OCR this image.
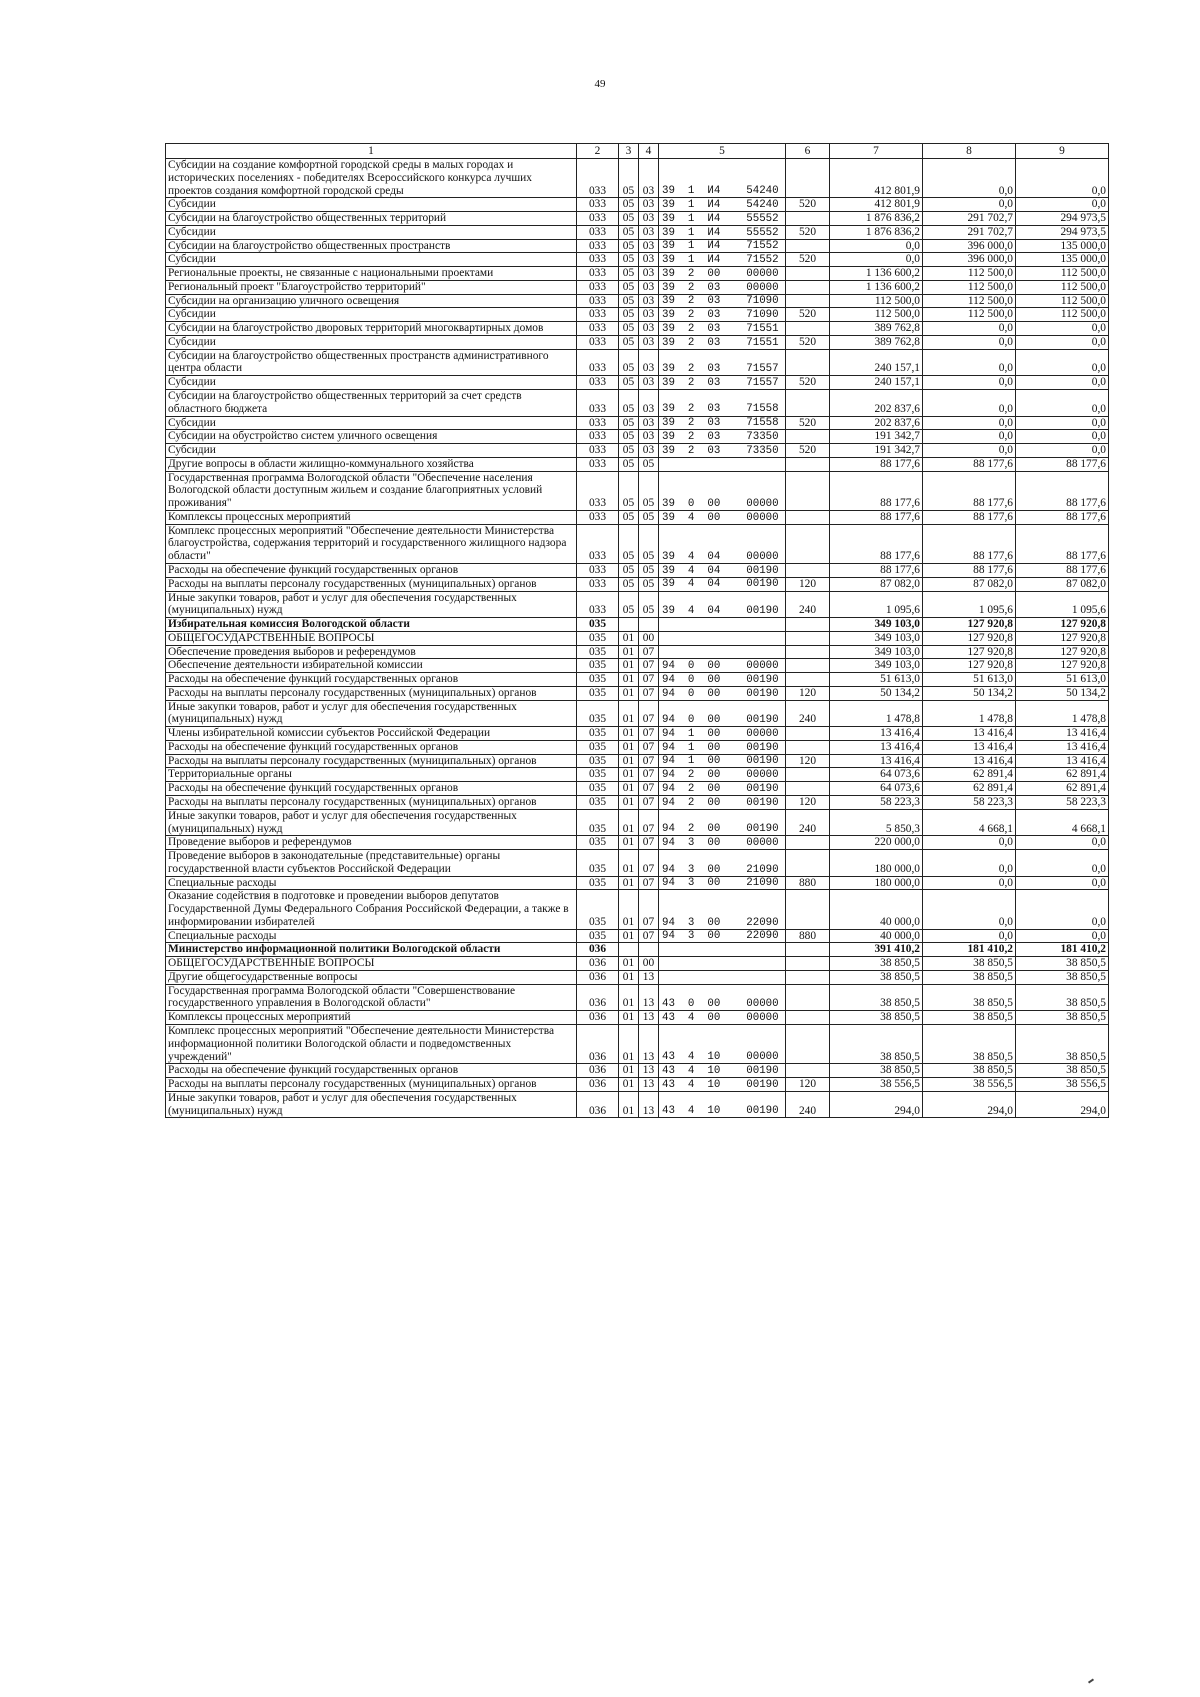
49
1	2	3	4	5	6	7	8	9
Субсидии на создание комфортной городской среды в малых городах и исторических поселениях - победителях Всероссийского конкурса лучших проектов создания комфортной городской среды	033	05	03	39  1  И4    54240		412 801,9	0,0	0,0
Субсидии	033	05	03	39  1  И4    54240	520	412 801,9	0,0	0,0
Субсидии на благоустройство общественных территорий	033	05	03	39  1  И4    55552		1 876 836,2	291 702,7	294 973,5
Субсидии	033	05	03	39  1  И4    55552	520	1 876 836,2	291 702,7	294 973,5
Субсидии на благоустройство общественных пространств	033	05	03	39  1  И4    71552		0,0	396 000,0	135 000,0
Субсидии	033	05	03	39  1  И4    71552	520	0,0	396 000,0	135 000,0
Региональные проекты, не связанные с национальными проектами	033	05	03	39  2  00    00000		1 136 600,2	112 500,0	112 500,0
Региональный проект "Благоустройство территорий"	033	05	03	39  2  03    00000		1 136 600,2	112 500,0	112 500,0
Субсидии на организацию уличного освещения	033	05	03	39  2  03    71090		112 500,0	112 500,0	112 500,0
Субсидии	033	05	03	39  2  03    71090	520	112 500,0	112 500,0	112 500,0
Субсидии на благоустройство дворовых территорий многоквартирных домов	033	05	03	39  2  03    71551		389 762,8	0,0	0,0
Субсидии	033	05	03	39  2  03    71551	520	389 762,8	0,0	0,0
Субсидии на благоустройство общественных пространств административного центра области	033	05	03	39  2  03    71557		240 157,1	0,0	0,0
Субсидии	033	05	03	39  2  03    71557	520	240 157,1	0,0	0,0
Субсидии на благоустройство общественных территорий за счет средств областного бюджета	033	05	03	39  2  03    71558		202 837,6	0,0	0,0
Субсидии	033	05	03	39  2  03    71558	520	202 837,6	0,0	0,0
Субсидии на обустройство систем уличного освещения	033	05	03	39  2  03    73350		191 342,7	0,0	0,0
Субсидии	033	05	03	39  2  03    73350	520	191 342,7	0,0	0,0
Другие вопросы в области жилищно-коммунального хозяйства	033	05	05			88 177,6	88 177,6	88 177,6
Государственная программа Вологодской области "Обеспечение населения Вологодской области доступным жильем и создание благоприятных условий проживания"	033	05	05	39  0  00    00000		88 177,6	88 177,6	88 177,6
Комплексы процессных мероприятий	033	05	05	39  4  00    00000		88 177,6	88 177,6	88 177,6
Комплекс процессных мероприятий "Обеспечение деятельности Министерства благоустройства, содержания территорий и государственного жилищного надзора области"	033	05	05	39  4  04    00000		88 177,6	88 177,6	88 177,6
Расходы на обеспечение функций государственных органов	033	05	05	39  4  04    00190		88 177,6	88 177,6	88 177,6
Расходы на выплаты персоналу государственных (муниципальных) органов	033	05	05	39  4  04    00190	120	87 082,0	87 082,0	87 082,0
Иные закупки товаров, работ и услуг для обеспечения государственных (муниципальных) нужд	033	05	05	39  4  04    00190	240	1 095,6	1 095,6	1 095,6
Избирательная комиссия Вологодской области	035					349 103,0	127 920,8	127 920,8
ОБЩЕГОСУДАРСТВЕННЫЕ ВОПРОСЫ	035	01	00			349 103,0	127 920,8	127 920,8
Обеспечение проведения выборов и референдумов	035	01	07			349 103,0	127 920,8	127 920,8
Обеспечение деятельности избирательной комиссии	035	01	07	94  0  00    00000		349 103,0	127 920,8	127 920,8
Расходы на обеспечение функций государственных органов	035	01	07	94  0  00    00190		51 613,0	51 613,0	51 613,0
Расходы на выплаты персоналу государственных (муниципальных) органов	035	01	07	94  0  00    00190	120	50 134,2	50 134,2	50 134,2
Иные закупки товаров, работ и услуг для обеспечения государственных (муниципальных) нужд	035	01	07	94  0  00    00190	240	1 478,8	1 478,8	1 478,8
Члены избирательной комиссии субъектов Российской Федерации	035	01	07	94  1  00    00000		13 416,4	13 416,4	13 416,4
Расходы на обеспечение функций государственных органов	035	01	07	94  1  00    00190		13 416,4	13 416,4	13 416,4
Расходы на выплаты персоналу государственных (муниципальных) органов	035	01	07	94  1  00    00190	120	13 416,4	13 416,4	13 416,4
Территориальные органы	035	01	07	94  2  00    00000		64 073,6	62 891,4	62 891,4
Расходы на обеспечение функций государственных органов	035	01	07	94  2  00    00190		64 073,6	62 891,4	62 891,4
Расходы на выплаты персоналу государственных (муниципальных) органов	035	01	07	94  2  00    00190	120	58 223,3	58 223,3	58 223,3
Иные закупки товаров, работ и услуг для обеспечения государственных (муниципальных) нужд	035	01	07	94  2  00    00190	240	5 850,3	4 668,1	4 668,1
Проведение выборов и референдумов	035	01	07	94  3  00    00000		220 000,0	0,0	0,0
Проведение выборов в законодательные (представительные) органы государственной власти субъектов Российской Федерации	035	01	07	94  3  00    21090		180 000,0	0,0	0,0
Специальные расходы	035	01	07	94  3  00    21090	880	180 000,0	0,0	0,0
Оказание содействия в подготовке и проведении выборов депутатов Государственной Думы Федерального Собрания Российской Федерации, а также в информировании избирателей	035	01	07	94  3  00    22090		40 000,0	0,0	0,0
Специальные расходы	035	01	07	94  3  00    22090	880	40 000,0	0,0	0,0
Министерство информационной политики Вологодской области	036					391 410,2	181 410,2	181 410,2
ОБЩЕГОСУДАРСТВЕННЫЕ ВОПРОСЫ	036	01	00			38 850,5	38 850,5	38 850,5
Другие общегосударственные вопросы	036	01	13			38 850,5	38 850,5	38 850,5
Государственная программа Вологодской области "Совершенствование государственного управления в Вологодской области"	036	01	13	43  0  00    00000		38 850,5	38 850,5	38 850,5
Комплексы процессных мероприятий	036	01	13	43  4  00    00000		38 850,5	38 850,5	38 850,5
Комплекс процессных мероприятий "Обеспечение деятельности Министерства информационной политики Вологодской области и подведомственных учреждений"	036	01	13	43  4  10    00000		38 850,5	38 850,5	38 850,5
Расходы на обеспечение функций государственных органов	036	01	13	43  4  10    00190		38 850,5	38 850,5	38 850,5
Расходы на выплаты персоналу государственных (муниципальных) органов	036	01	13	43  4  10    00190	120	38 556,5	38 556,5	38 556,5
Иные закупки товаров, работ и услуг для обеспечения государственных (муниципальных) нужд	036	01	13	43  4  10    00190	240	294,0	294,0	294,0
